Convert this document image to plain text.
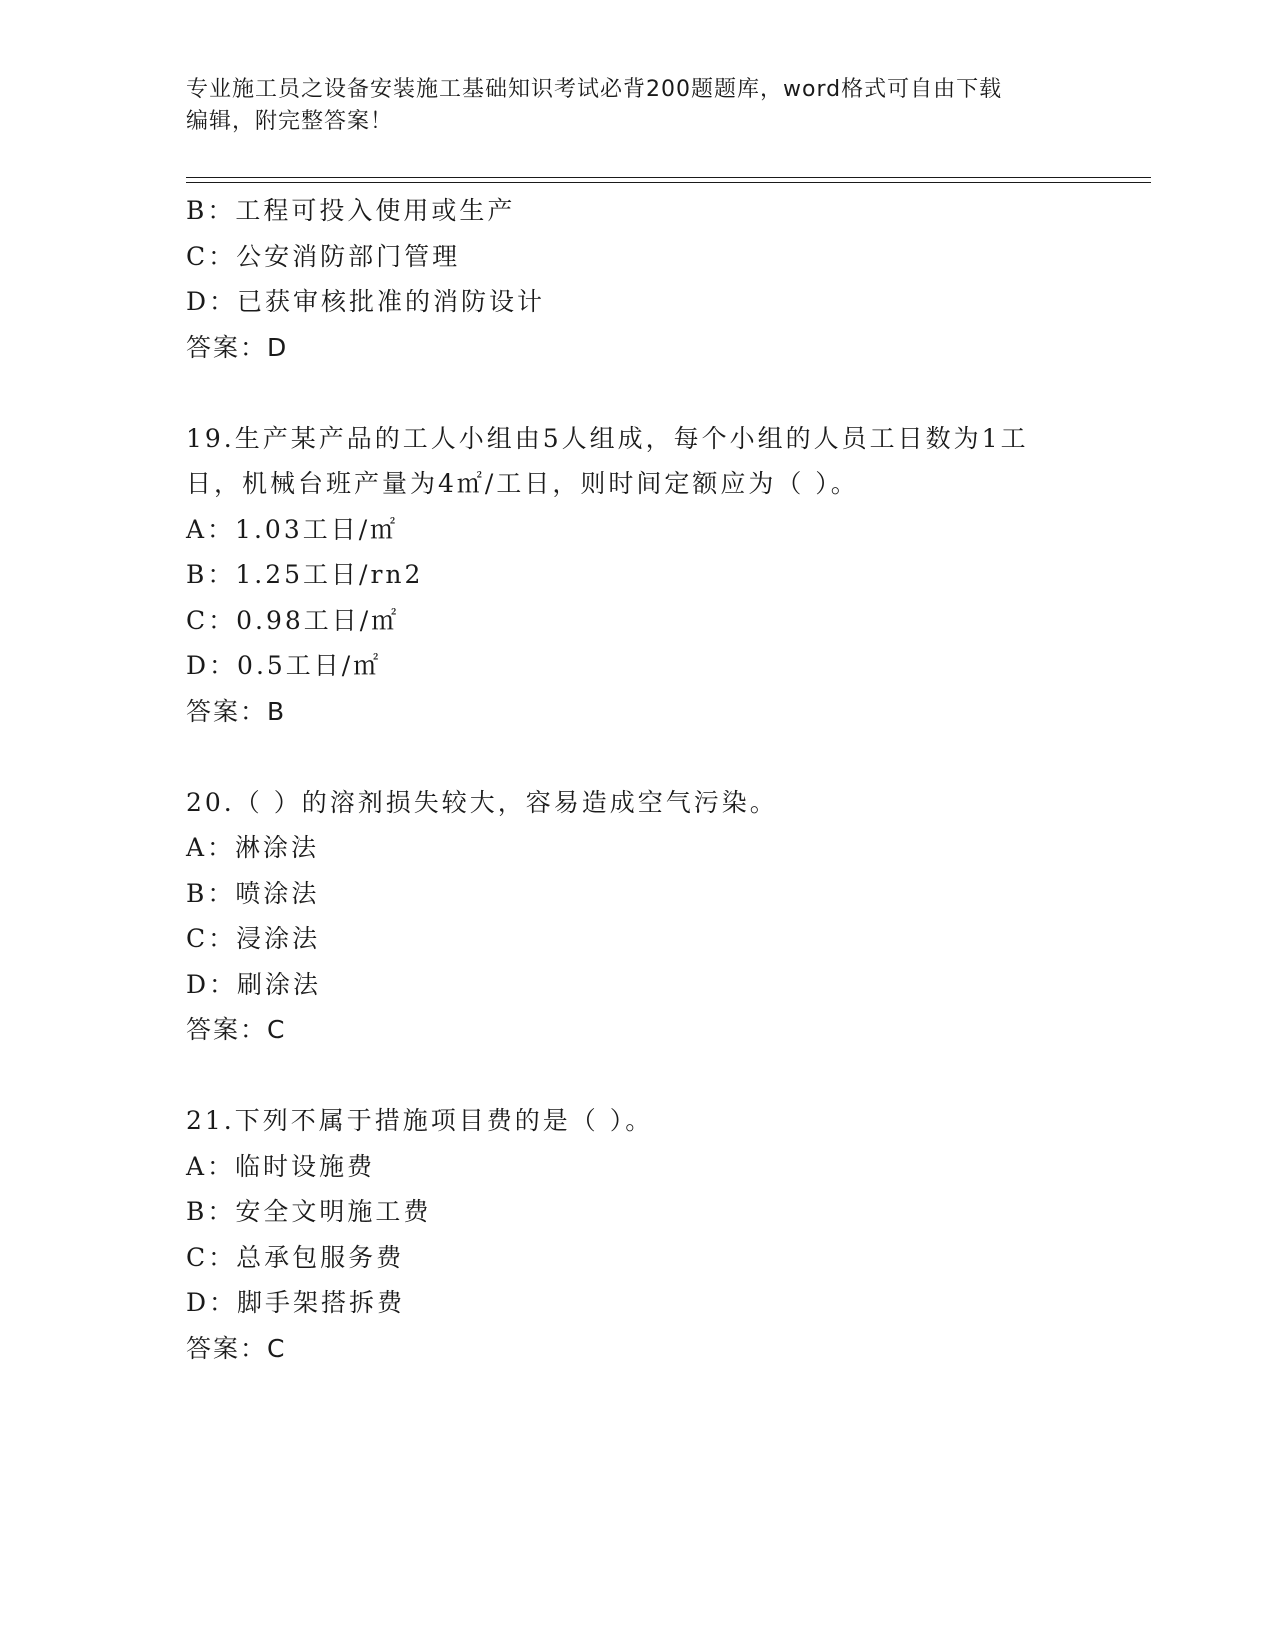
专业施工员之设备安装施工基础知识考试必背200题题库，word格式可自由下载
编辑，附完整答案！
B：工程可投入使用或生产
C：公安消防部门管理
D：已获审核批准的消防设计
答案：D
19.生产某产品的工人小组由5人组成，每个小组的人员工日数为1工
日，机械台班产量为4㎡/工日，则时间定额应为（ ）。
A：1.03工日/㎡
B：1.25工日/rn2
C：0.98工日/㎡
D：0.5工日/㎡
答案：B
20.（ ）的溶剂损失较大，容易造成空气污染。
A：淋涂法
B：喷涂法
C：浸涂法
D：刷涂法
答案：C
21.下列不属于措施项目费的是（ ）。
A：临时设施费
B：安全文明施工费
C：总承包服务费
D：脚手架搭拆费
答案：C
